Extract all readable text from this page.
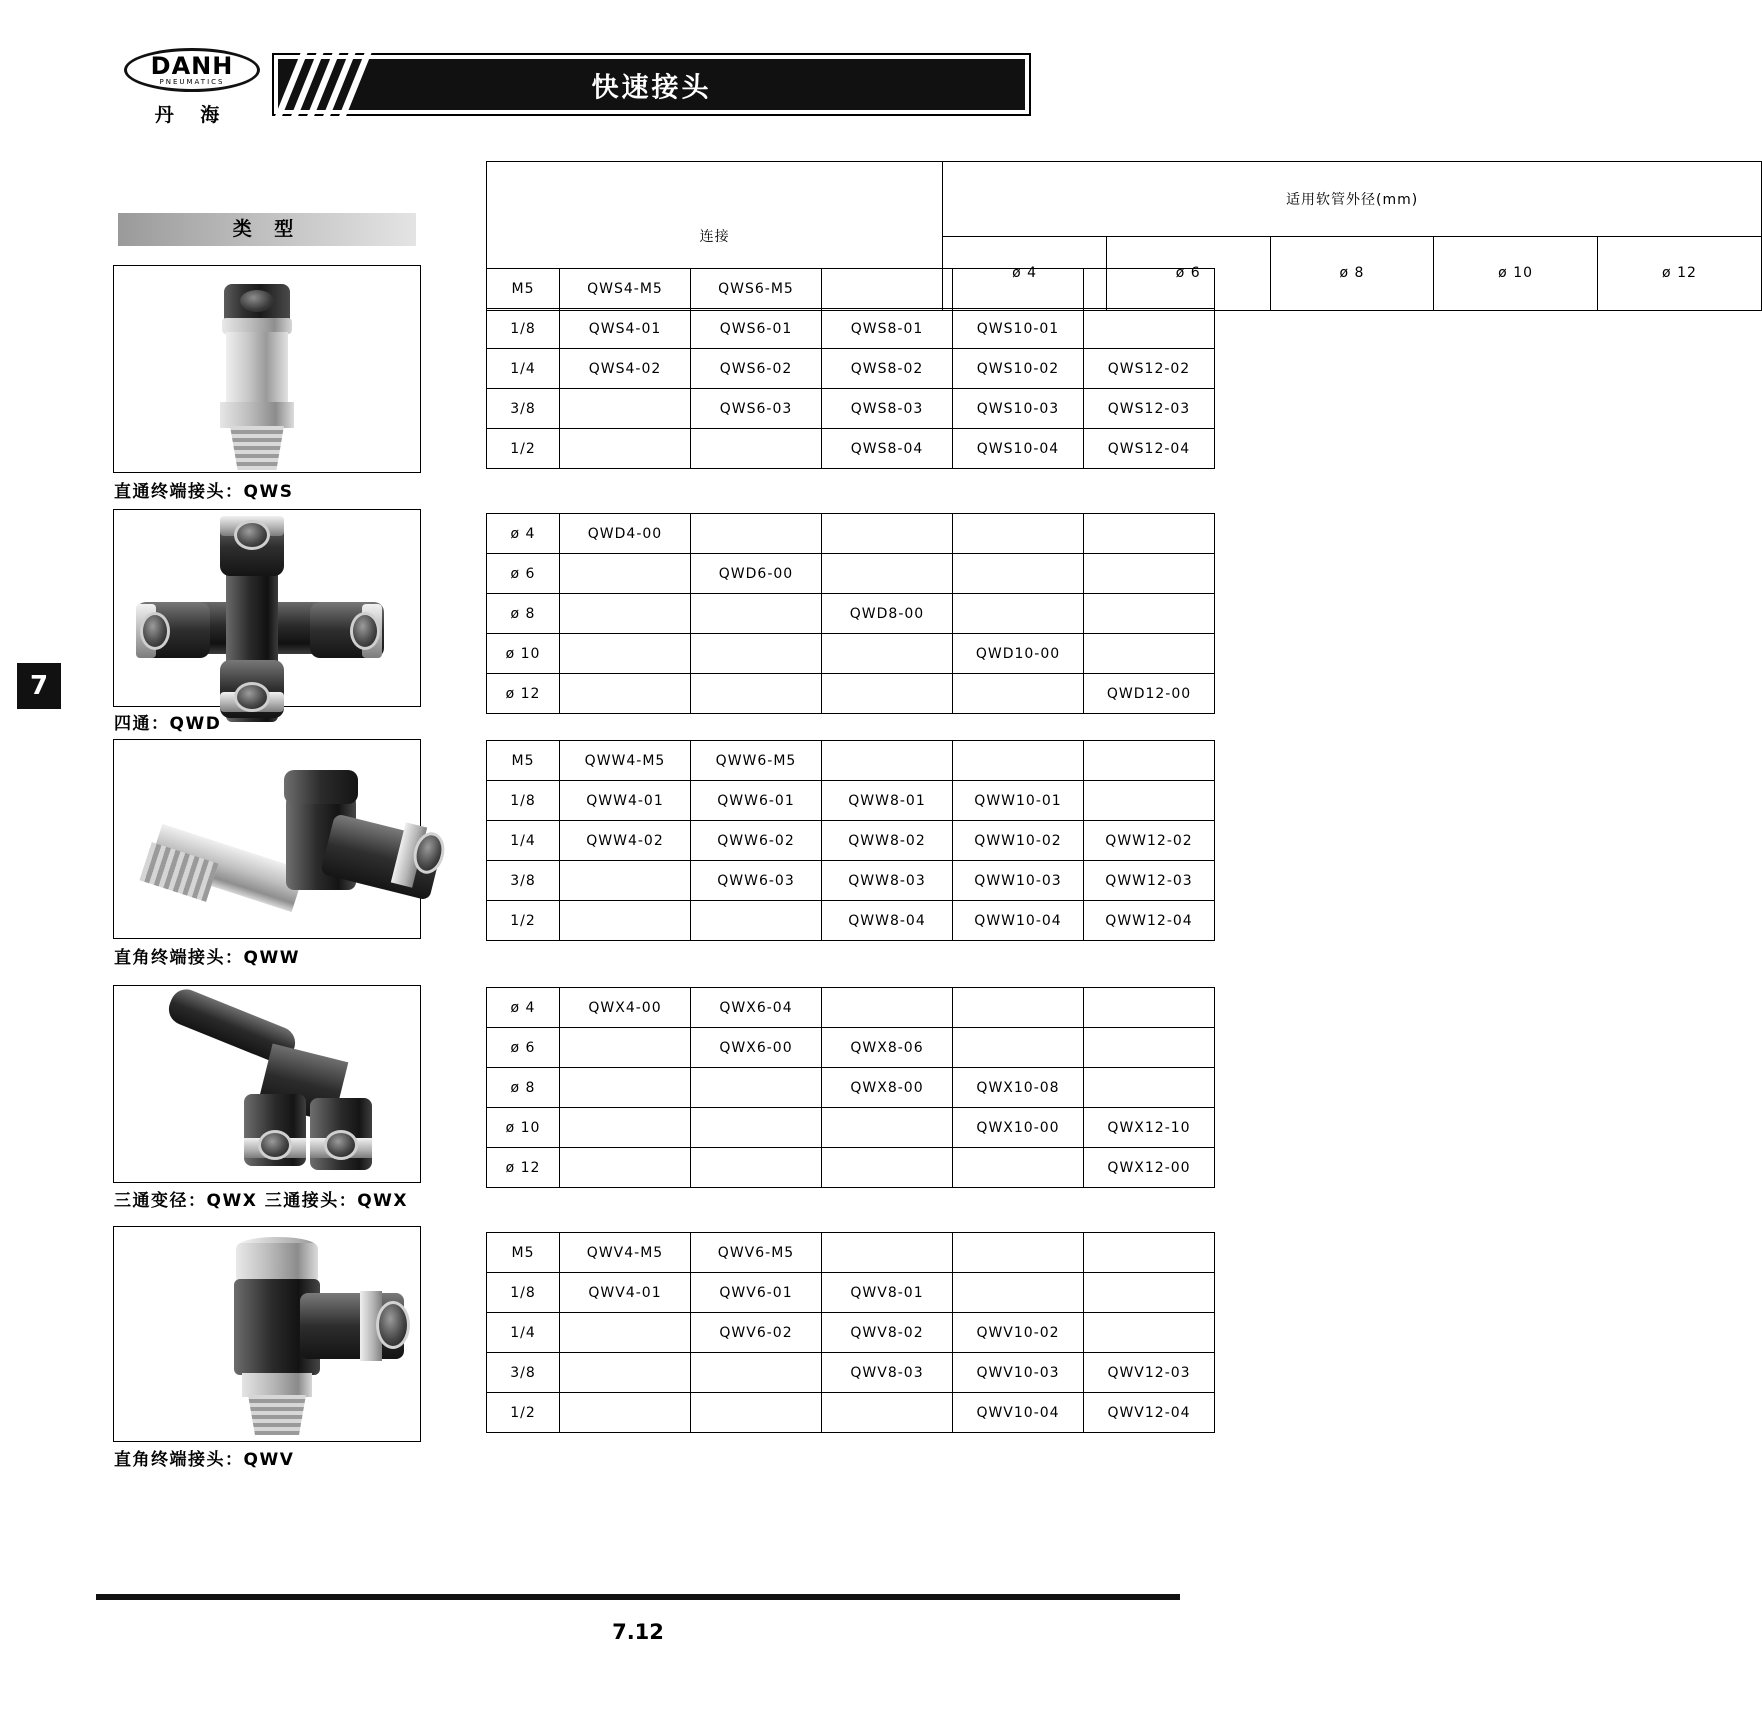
DANH
PNEUMATICS
丹 海
快速接头
7
类 型
直通终端接头：QWS
四通：QWD
直角终端接头：QWW
三通变径：QWX 三通接头：QWX
直角终端接头：QWV
连接	适用软管外径(mm)				
	ø 4	ø 6	ø 8	ø 10	ø 12
M5	QWS4-M5	QWS6-M5			
1/8	QWS4-01	QWS6-01	QWS8-01	QWS10-01	
1/4	QWS4-02	QWS6-02	QWS8-02	QWS10-02	QWS12-02
3/8		QWS6-03	QWS8-03	QWS10-03	QWS12-03
1/2			QWS8-04	QWS10-04	QWS12-04
ø 4	QWD4-00				
ø 6		QWD6-00			
ø 8			QWD8-00		
ø 10				QWD10-00	
ø 12					QWD12-00
M5	QWW4-M5	QWW6-M5			
1/8	QWW4-01	QWW6-01	QWW8-01	QWW10-01	
1/4	QWW4-02	QWW6-02	QWW8-02	QWW10-02	QWW12-02
3/8		QWW6-03	QWW8-03	QWW10-03	QWW12-03
1/2			QWW8-04	QWW10-04	QWW12-04
ø 4	QWX4-00	QWX6-04			
ø 6		QWX6-00	QWX8-06		
ø 8			QWX8-00	QWX10-08	
ø 10				QWX10-00	QWX12-10
ø 12					QWX12-00
M5	QWV4-M5	QWV6-M5			
1/8	QWV4-01	QWV6-01	QWV8-01		
1/4		QWV6-02	QWV8-02	QWV10-02	
3/8			QWV8-03	QWV10-03	QWV12-03
1/2				QWV10-04	QWV12-04
7.12
